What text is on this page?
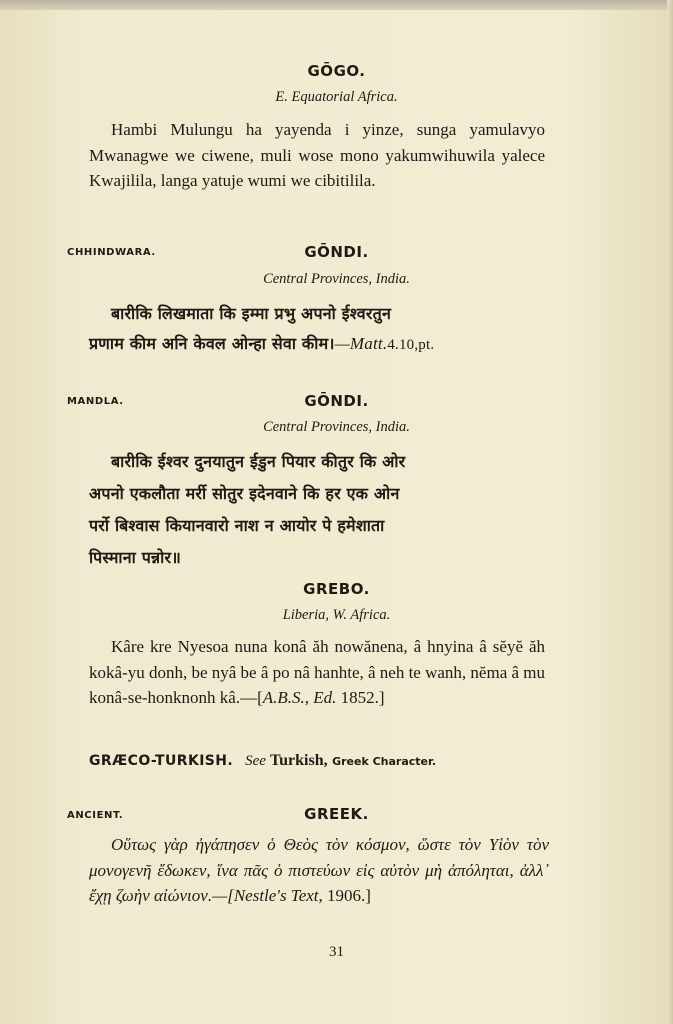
GŌGO.
E. Equatorial Africa.
Hambi Mulungu ha yayenda i yinze, sunga yamulavyo Mwanagwe we ciwene, muli wose mono yakumwihuwila yalece Kwajilila, langa yatuje wumi we cibitilila.
CHHINDWARA.	GŌNDI.
Central Provinces, India.
बारीकि लिखमाता कि इम्मा प्रभु अपनो ईश्वरतुन
प्रणाम कीम अनि केवल ओन्हा सेवा कीम।—Matt.4.10,pt.
MANDLA.	GŌNDI.
Central Provinces, India.
बारीकि ईश्वर दुनयातुन ईडुन पियार कीतुर कि ओर
अपनो एकलौता मर्री सोतुर इदेनवाने कि हर एक ओन
पर्रो बिश्वास कियानवारो नाश न आयोर पे हमेशाता
पिस्माना पन्नोर॥
GREBO.
Liberia, W. Africa.
Kâre kre Nyesoa nuna konâ ăh nowănena, â hnyina â sĕyĕ ăh kokâ-yu donh, be nyâ be â po nâ hanhte, â neh te wanh, nĕma â mu konâ-se-honknonh kâ.—[A.B.S., Ed. 1852.]
GRÆCO-TURKISH. See Turkish, Greek Character.
ANCIENT.	GREEK.
Οὕτως γὰρ ἠγάπησεν ὁ Θεὸς τὸν κόσμον, ὥστε τὸν Υἱὸν τὸν μονογενῆ ἔδωκεν, ἵνα πᾶς ὁ πιστεύων εἰς αὐτὸν μὴ ἀπόληται, ἀλλ᾽ ἔχῃ ζωὴν αἰώνιον.—[Nestle's Text, 1906.]
31
